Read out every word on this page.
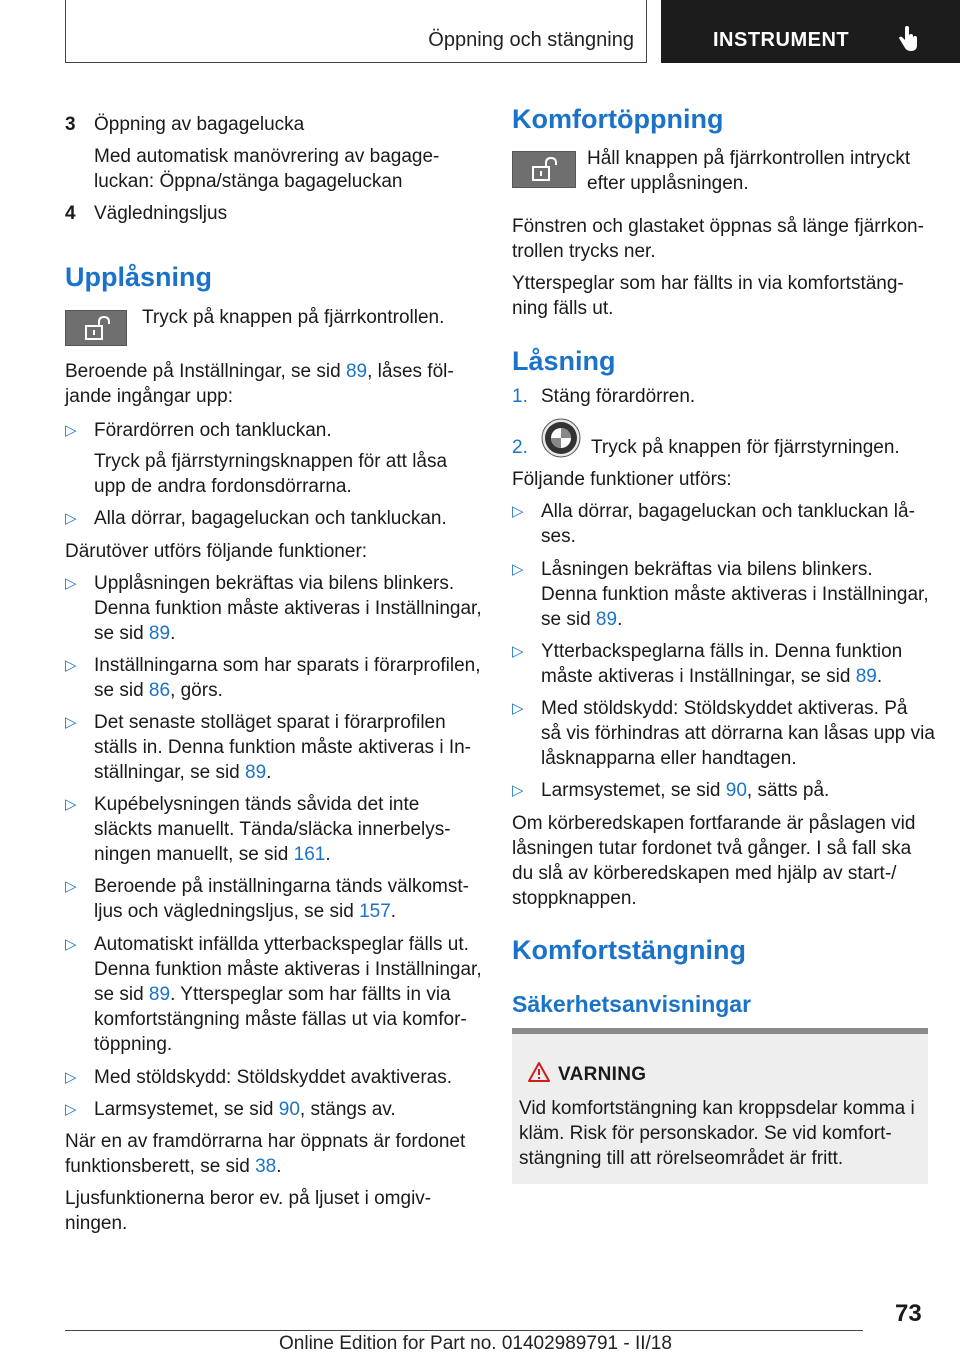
Öppning och stängning	INSTRUMENT
3 Öppning av bagagelucka
Med automatisk manövrering av bagage-
luckan: Öppna/stänga bagageluckan
4 Vägledningsljus
Upplåsning
Tryck på knappen på fjärrkontrollen.
Beroende på Inställningar, se sid 89, låses föl-
jande ingångar upp:
▷ Förardörren och tankluckan.
Tryck på fjärrstyrningsknappen för att låsa
upp de andra fordonsdörrarna.
▷ Alla dörrar, bagageluckan och tankluckan.
Därutöver utförs följande funktioner:
▷ Upplåsningen bekräftas via bilens blinkers.
Denna funktion måste aktiveras i Inställningar,
se sid 89.
▷ Inställningarna som har sparats i förarprofilen,
se sid 86, görs.
▷ Det senaste stolläget sparat i förarprofilen
ställs in. Denna funktion måste aktiveras i In-
ställningar, se sid 89.
▷ Kupébelysningen tänds såvida det inte
släckts manuellt. Tända/släcka innerbelys-
ningen manuellt, se sid 161.
▷ Beroende på inställningarna tänds välkomst-
ljus och vägledningsljus, se sid 157.
▷ Automatiskt infällda ytterbackspeglar fälls ut.
Denna funktion måste aktiveras i Inställningar,
se sid 89. Ytterspeglar som har fällts in via
komfortstängning måste fällas ut via komfor-
töppning.
▷ Med stöldskydd: Stöldskyddet avaktiveras.
▷ Larmsystemet, se sid 90, stängs av.
När en av framdörrarna har öppnats är fordonet
funktionsberett, se sid 38.
Ljusfunktionerna beror ev. på ljuset i omgiv-
ningen.
Komfortöppning
Håll knappen på fjärrkontrollen intryckt
efter upplåsningen.
Fönstren och glastaket öppnas så länge fjärrkon-
trollen trycks ner.
Ytterspeglar som har fällts in via komfortstäng-
ning fälls ut.
Låsning
1. Stäng förardörren.
2.	Tryck på knappen för fjärrstyrningen.
Följande funktioner utförs:
▷ Alla dörrar, bagageluckan och tankluckan lå-
ses.
▷ Låsningen bekräftas via bilens blinkers.
Denna funktion måste aktiveras i Inställningar,
se sid 89.
▷ Ytterbackspeglarna fälls in. Denna funktion
måste aktiveras i Inställningar, se sid 89.
▷ Med stöldskydd: Stöldskyddet aktiveras. På
så vis förhindras att dörrarna kan låsas upp via
låsknapparna eller handtagen.
▷ Larmsystemet, se sid 90, sätts på.
Om körberedskapen fortfarande är påslagen vid
låsningen tutar fordonet två gånger. I så fall ska
du slå av körberedskapen med hjälp av start-/
stoppknappen.
Komfortstängning
Säkerhetsanvisningar
VARNING
Vid komfortstängning kan kroppsdelar komma i
kläm. Risk för personskador. Se vid komfort-
stängning till att rörelseområdet är fritt.
73
Online Edition for Part no. 01402989791 - II/18
